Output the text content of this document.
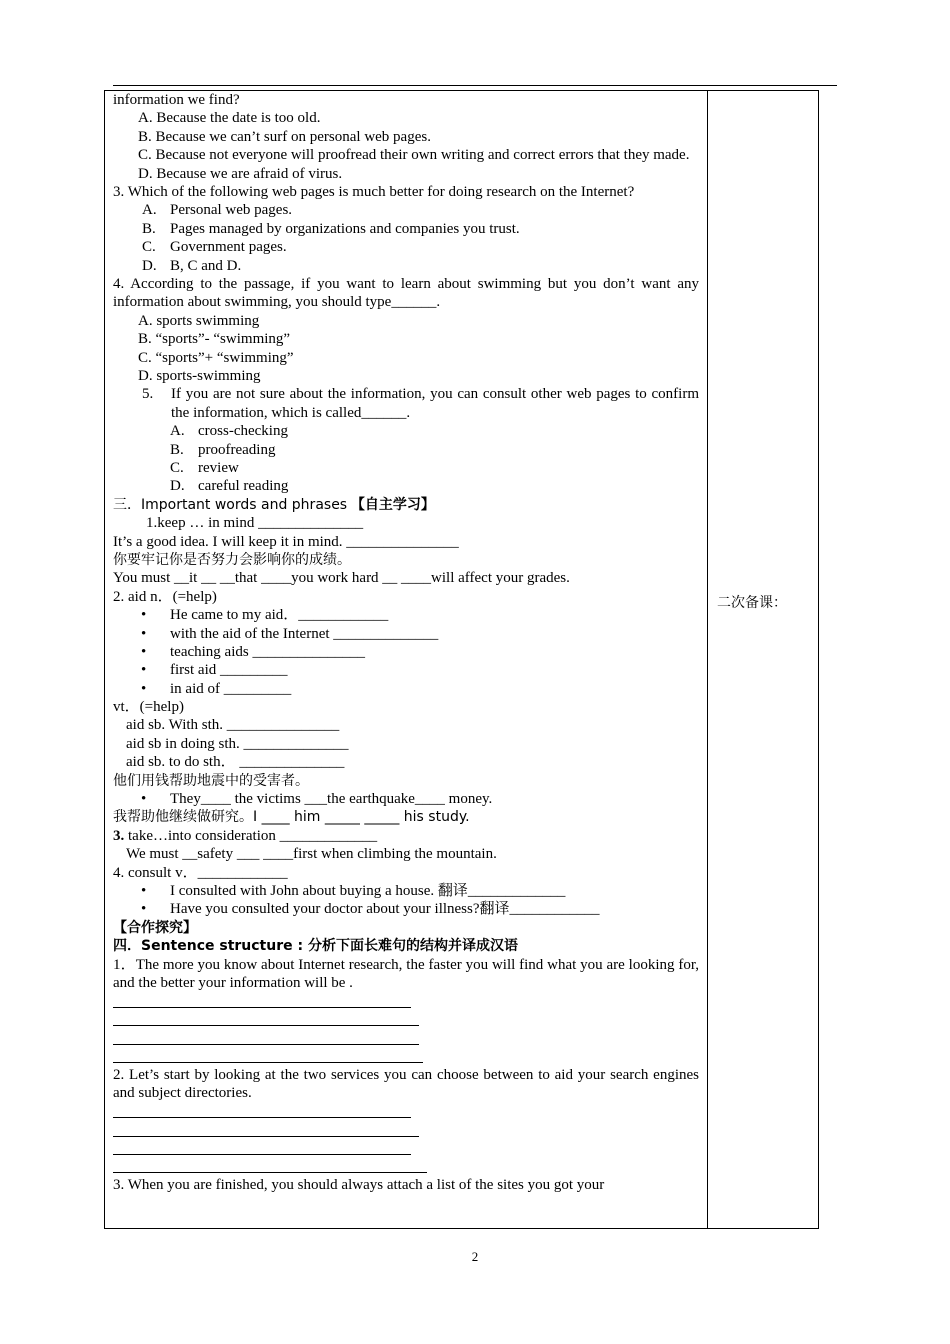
information we find?
A. Because the date is too old.
B. Because we can’t surf on personal web pages.
C. Because not everyone will proofread their own writing and correct errors that they made.
D. Because we are afraid of virus.
3. Which of the following web pages is much better for doing research on the Internet?
A. Personal web pages.
B. Pages managed by organizations and companies you trust.
C. Government pages.
D. B, C and D.
4. According to the passage, if you want to learn about swimming but you don’t want any information about swimming, you should type______.
A. sports swimming
B. “sports”- “swimming”
C. “sports”+ “swimming”
D. sports-swimming
5.	If you are not sure about the information, you can consult other web pages to confirm the information, which is called______.
A. cross-checking
B. proofreading
C. review
D. careful reading
三．Important words and phrases 【自主学习】
1.keep … in mind ______________
It’s a good idea. I will keep it in mind. _______________
你要牢记你是否努力会影响你的成绩。
You must __it __ __that ____you work hard __ ____will affect your grades.
2. aid n．(=help)
•	He came to my aid．____________
•	with the aid of the Internet ______________
•	teaching aids _______________
•	first aid _________
•	in aid of _________
vt．(=help)
aid sb. With sth. _______________
aid sb in doing sth. ______________
aid sb. to do sth． ______________
他们用钱帮助地震中的受害者。
•	They____ the victims ___the earthquake____ money.
我帮助他继续做研究。I ____ him _____ _____ his study.
3. take…into consideration _____________
We must __safety ___ ____first when climbing the mountain.
4. consult v．____________
•	I consulted with John about buying a house. 翻译_____________
•	Have you consulted your doctor about your illness?翻译____________
【合作探究】
四．Sentence structure : 分析下面长难句的结构并译成汉语
1．The more you know about Internet research, the faster you will find what you are looking for, and the better your information will be .
2. Let’s start by looking at the two services you can choose between to aid your search engines and subject directories.
3. When you are finished, you should always attach a list of the sites you got your
二次备课：
2
